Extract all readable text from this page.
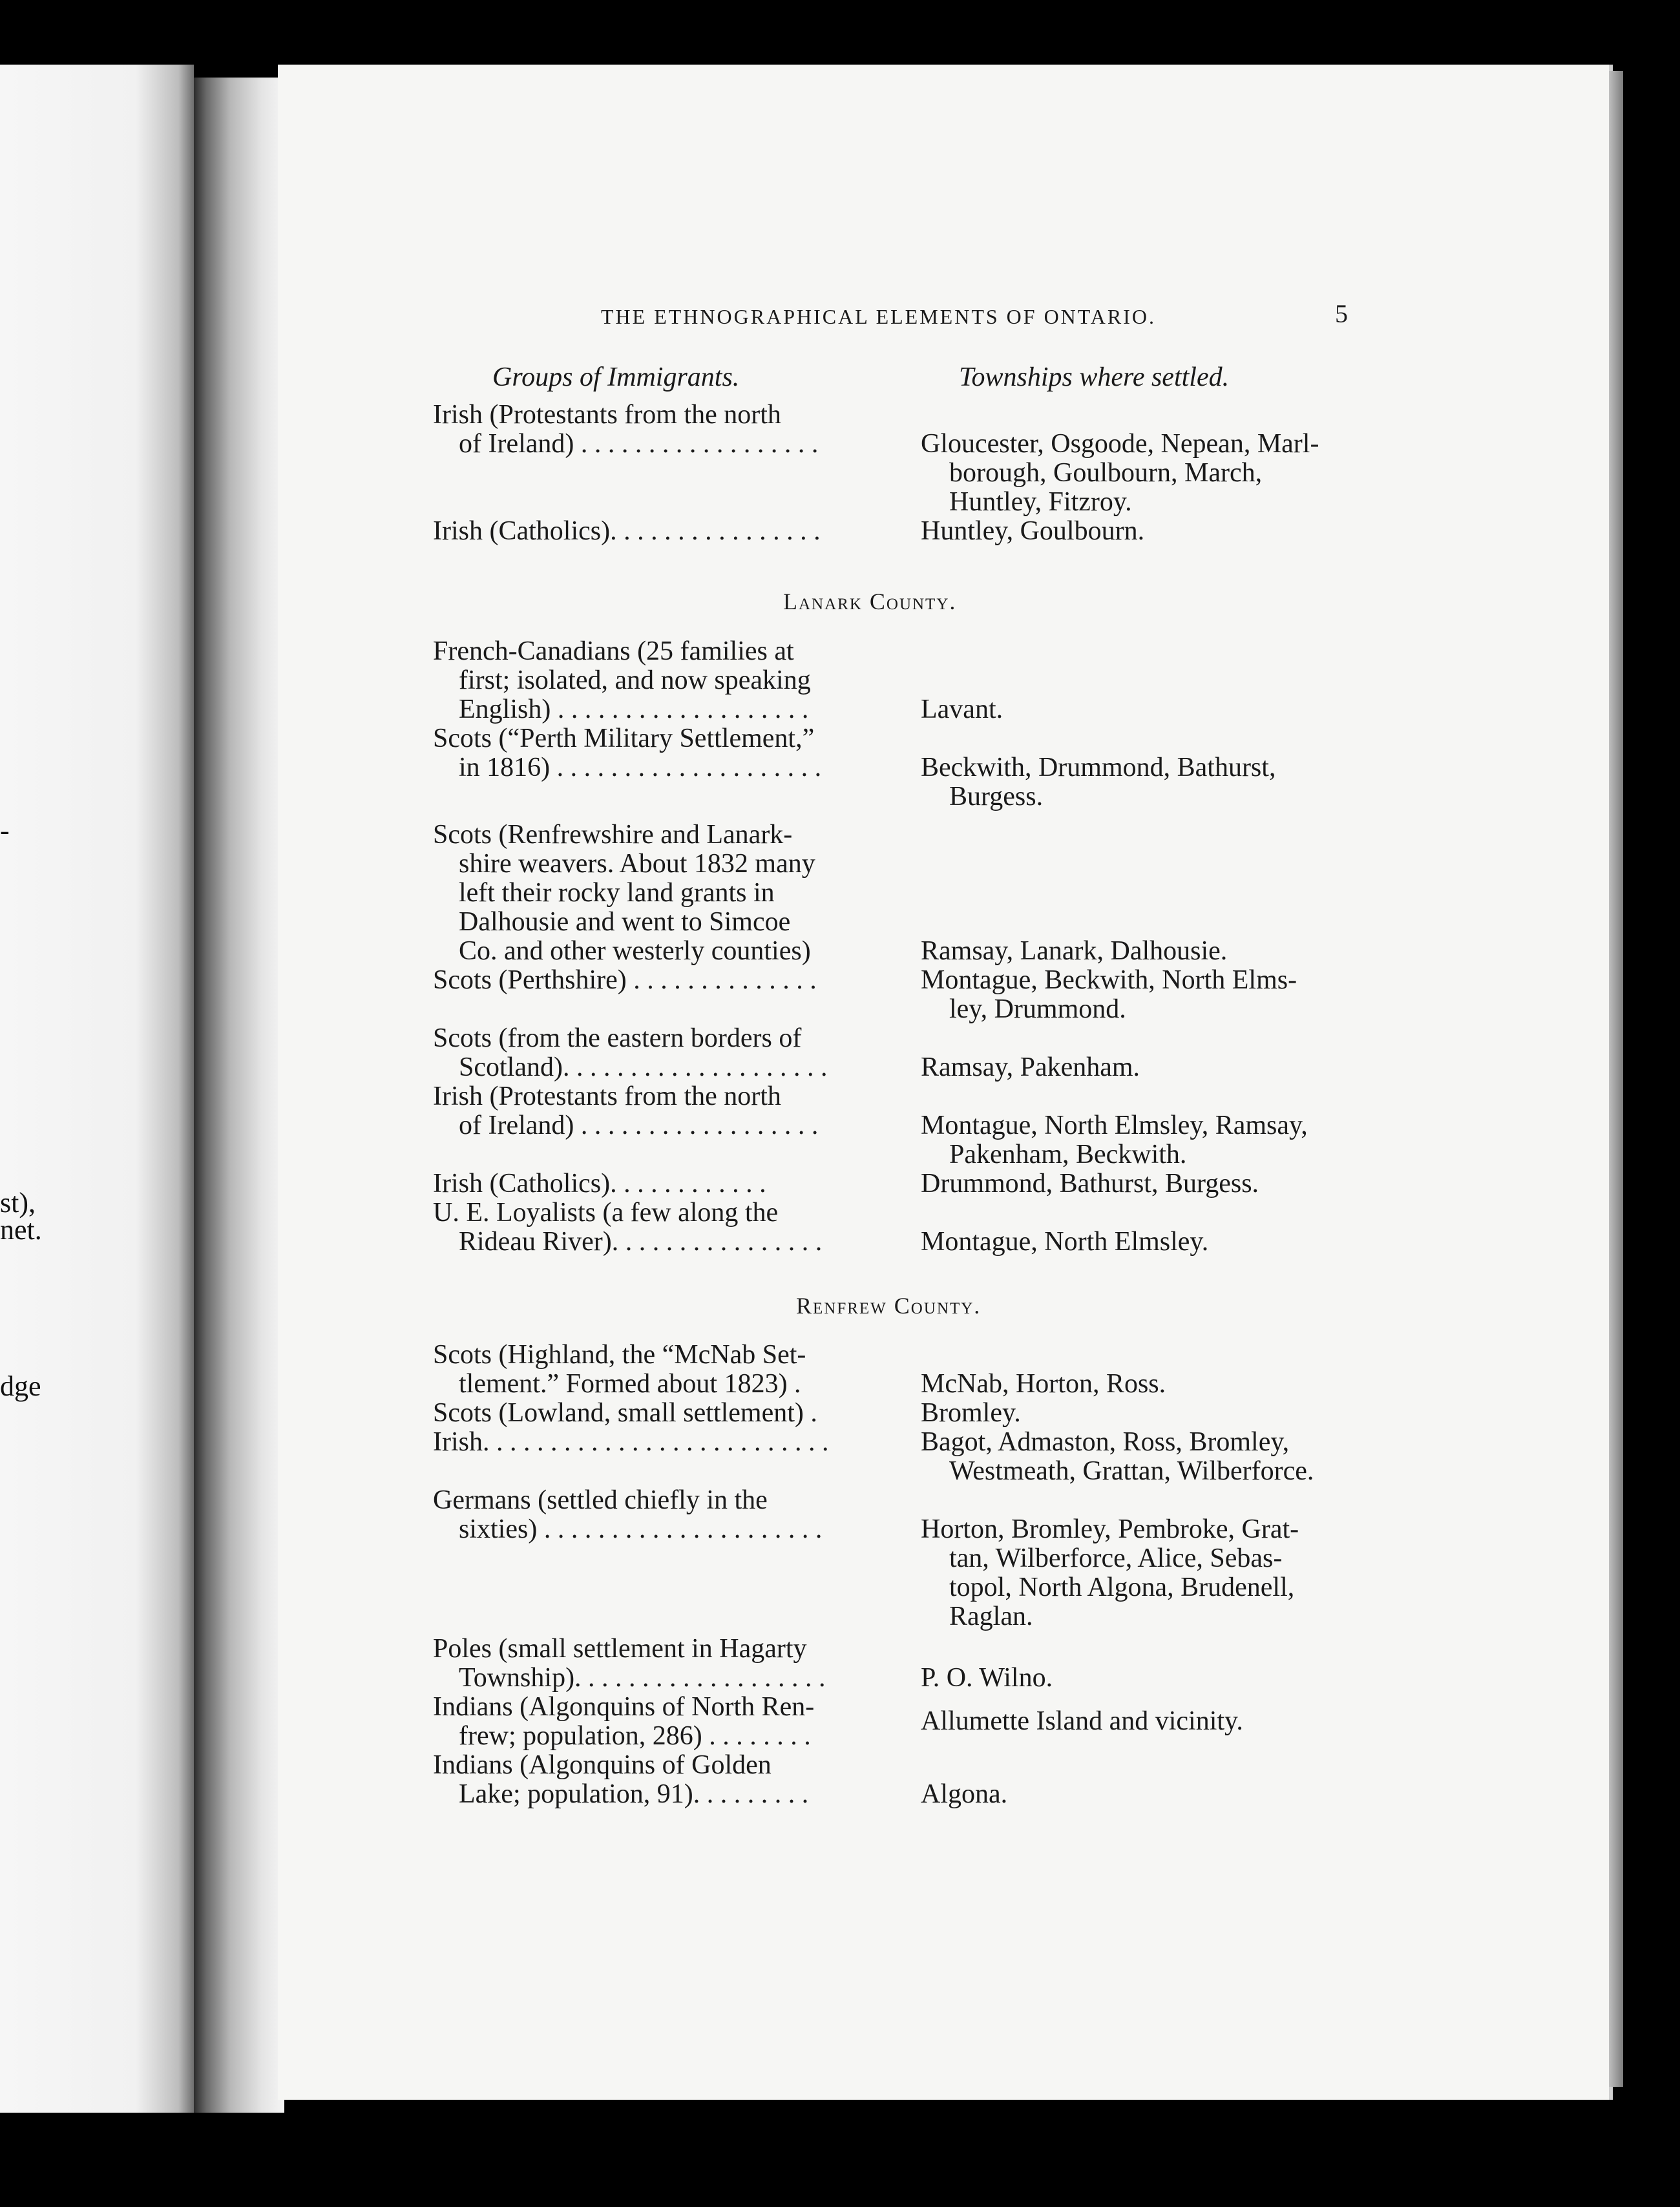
-
st),
net.
dge
THE ETHNOGRAPHICAL ELEMENTS OF ONTARIO.	5
Groups of Immigrants.	Townships where settled.
Irish (Protestants from the north
of Ireland) . . . . . . . . . . . . . . . . . .	Gloucester, Osgoode, Nepean, Marl-
borough, Goulbourn, March,
Huntley, Fitzroy.
Irish (Catholics). . . . . . . . . . . . . . . .	Huntley, Goulbourn.
Lanark County.
French-Canadians (25 families at
first; isolated, and now speaking
English) . . . . . . . . . . . . . . . . . . .	Lavant.
Scots (“Perth Military Settlement,”
in 1816) . . . . . . . . . . . . . . . . . . . .	Beckwith, Drummond, Bathurst,
Burgess.
Scots (Renfrewshire and Lanark-
shire weavers. About 1832 many
left their rocky land grants in
Dalhousie and went to Simcoe
Co. and other westerly counties)	Ramsay, Lanark, Dalhousie.
Scots (Perthshire) . . . . . . . . . . . . . .	Montague, Beckwith, North Elms-
ley, Drummond.
Scots (from the eastern borders of
Scotland). . . . . . . . . . . . . . . . . . . .	Ramsay, Pakenham.
Irish (Protestants from the north
of Ireland) . . . . . . . . . . . . . . . . . .	Montague, North Elmsley, Ramsay,
Pakenham, Beckwith.
Irish (Catholics). . . . . . . . . . . .	Drummond, Bathurst, Burgess.
U. E. Loyalists (a few along the
Rideau River). . . . . . . . . . . . . . . .	Montague, North Elmsley.
Renfrew County.
Scots (Highland, the “McNab Set-
tlement.” Formed about 1823) .	McNab, Horton, Ross.
Scots (Lowland, small settlement) .	Bromley.
Irish. . . . . . . . . . . . . . . . . . . . . . . . . .	Bagot, Admaston, Ross, Bromley,
Westmeath, Grattan, Wilberforce.
Germans (settled chiefly in the
sixties) . . . . . . . . . . . . . . . . . . . . .	Horton, Bromley, Pembroke, Grat-
tan, Wilberforce, Alice, Sebas-
topol, North Algona, Brudenell,
Raglan.
Poles (small settlement in Hagarty
Township). . . . . . . . . . . . . . . . . . .	P. O. Wilno.
Indians (Algonquins of North Ren-
frew; population, 286) . . . . . . . .	Allumette Island and vicinity.
Indians (Algonquins of Golden
Lake; population, 91). . . . . . . . .	Algona.
